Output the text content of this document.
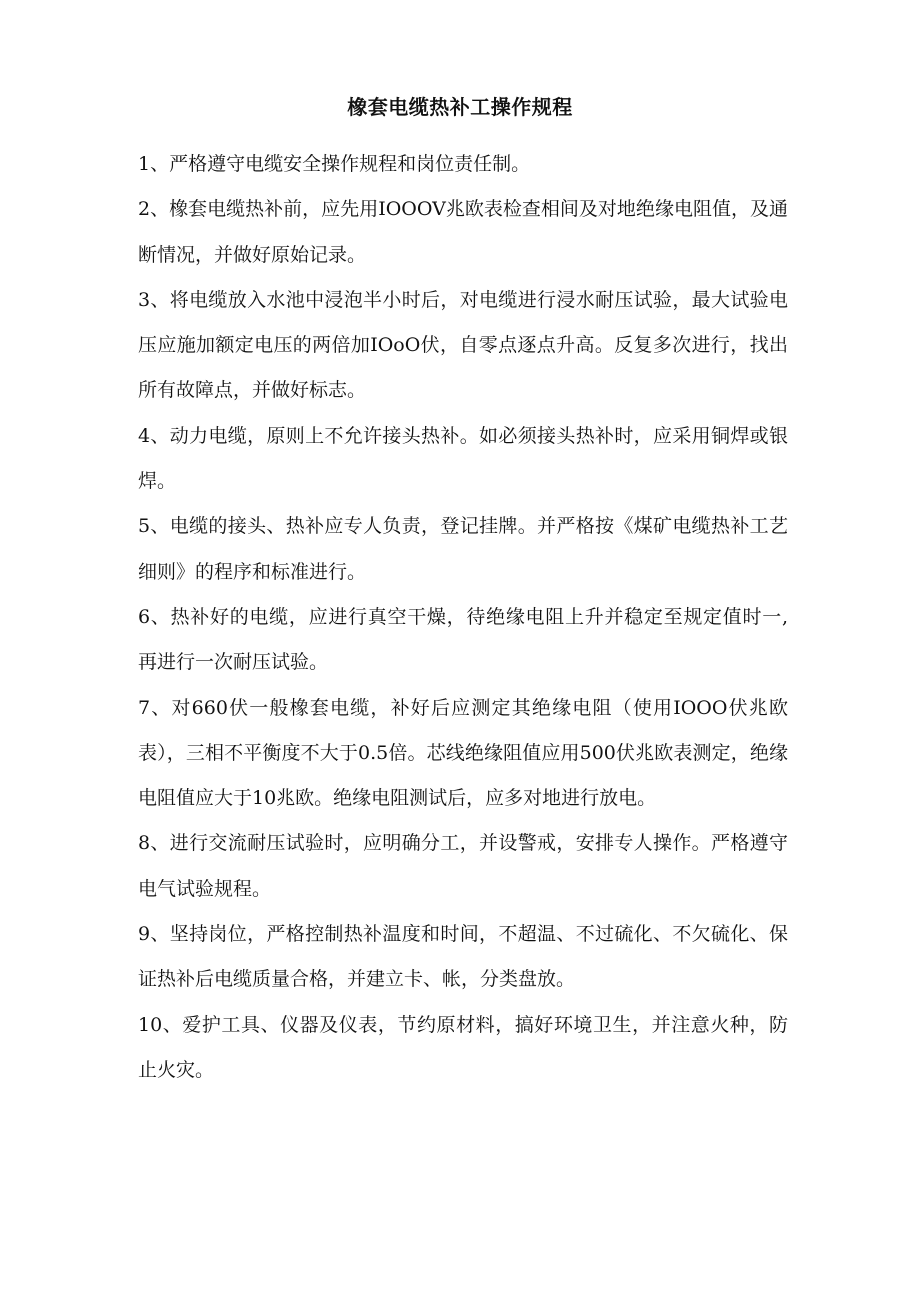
橡套电缆热补工操作规程

1、严格遵守电缆安全操作规程和岗位责任制。

2、橡套电缆热补前，应先用IOOOV兆欧表检查相间及对地绝缘电阻值，及通断情况，并做好原始记录。

3、将电缆放入水池中浸泡半小时后，对电缆进行浸水耐压试验，最大试验电压应施加额定电压的两倍加IOoO伏，自零点逐点升高。反复多次进行，找出所有故障点，并做好标志。

4、动力电缆，原则上不允许接头热补。如必须接头热补时，应采用铜焊或银焊。

5、电缆的接头、热补应专人负责，登记挂牌。并严格按《煤矿电缆热补工艺细则》的程序和标准进行。

6、热补好的电缆，应进行真空干燥，待绝缘电阻上升并稳定至规定值时一, 再进行一次耐压试验。

7、对660伏一般橡套电缆，补好后应测定其绝缘电阻（使用IOOO伏兆欧表），三相不平衡度不大于0.5倍。芯线绝缘阻值应用500伏兆欧表测定，绝缘电阻值应大于10兆欧。绝缘电阻测试后，应多对地进行放电。

8、进行交流耐压试验时，应明确分工，并设警戒，安排专人操作。严格遵守电气试验规程。

9、坚持岗位，严格控制热补温度和时间，不超温、不过硫化、不欠硫化、保证热补后电缆质量合格，并建立卡、帐，分类盘放。

10、爱护工具、仪器及仪表，节约原材料，搞好环境卫生，并注意火种，防止火灾。
